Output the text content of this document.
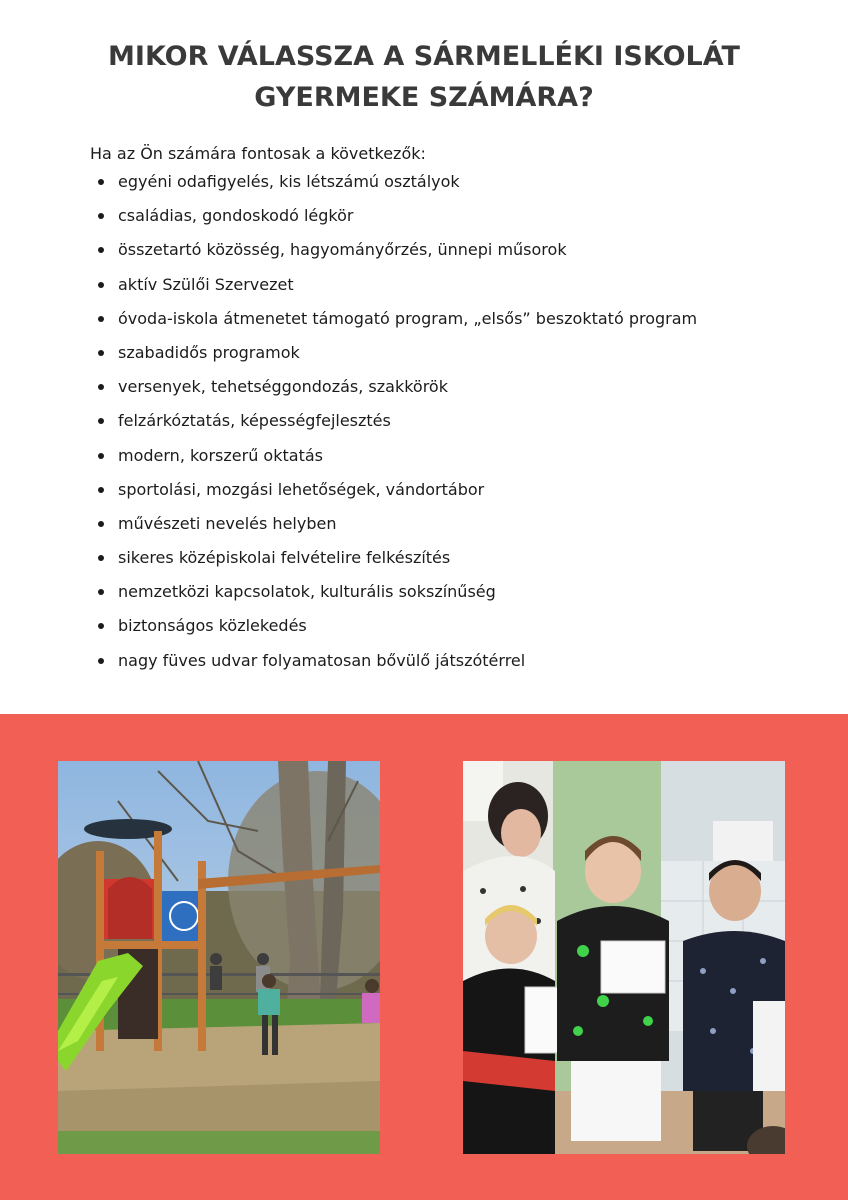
MIKOR VÁLASSZA A SÁRMELLÉKI ISKOLÁT
GYERMEKE SZÁMÁRA?
Ha az Ön számára fontosak a következők:
egyéni odafigyelés, kis létszámú osztályok
családias, gondoskodó légkör
összetartó közösség, hagyományőrzés, ünnepi műsorok
aktív Szülői Szervezet
óvoda-iskola átmenetet támogató program, „elsős” beszoktató program
szabadidős programok
versenyek, tehetséggondozás, szakkörök
felzárkóztatás, képességfejlesztés
modern, korszerű oktatás
sportolási, mozgási lehetőségek, vándortábor
művészeti nevelés helyben
sikeres középiskolai felvételire felkészítés
nemzetközi kapcsolatok, kulturális sokszínűség
biztonságos közlekedés
nagy füves udvar folyamatosan bővülő játszótérrel
